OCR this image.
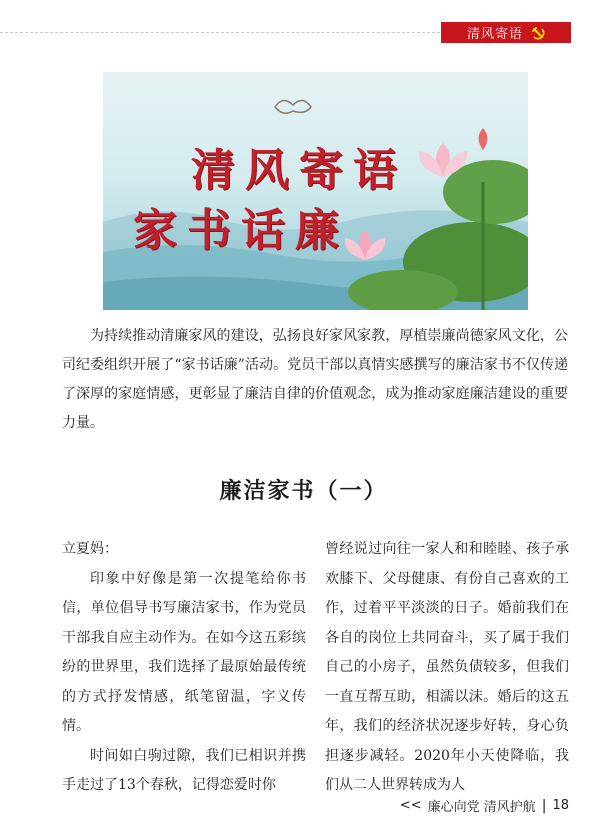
清风寄语
清风寄语
家书话廉

为持续推动清廉家风的建设，弘扬良好家风家教，厚植崇廉尚德家风文化，公司纪委组织开展了“家书话廉”活动。党员干部以真情实感撰写的廉洁家书不仅传递了深厚的家庭情感，更彰显了廉洁自律的价值观念，成为推动家庭廉洁建设的重要力量。

廉洁家书（一）

立夏妈：

印象中好像是第一次提笔给你书信，单位倡导书写廉洁家书，作为党员干部我自应主动作为。在如今这五彩缤纷的世界里，我们选择了最原始最传统的方式抒发情感，纸笔留温，字义传情。

时间如白驹过隙，我们已相识并携手走过了13个春秋，记得恋爱时你

曾经说过向往一家人和和睦睦、孩子承欢膝下、父母健康、有份自己喜欢的工作，过着平平淡淡的日子。婚前我们在各自的岗位上共同奋斗，买了属于我们自己的小房子，虽然负债较多，但我们一直互帮互助，相濡以沫。婚后的这五年，我们的经济状况逐步好转，身心负担逐步减轻。2020年小天使降临，我们从二人世界转成为人

<< 廉心向党 清风护航 | 18
